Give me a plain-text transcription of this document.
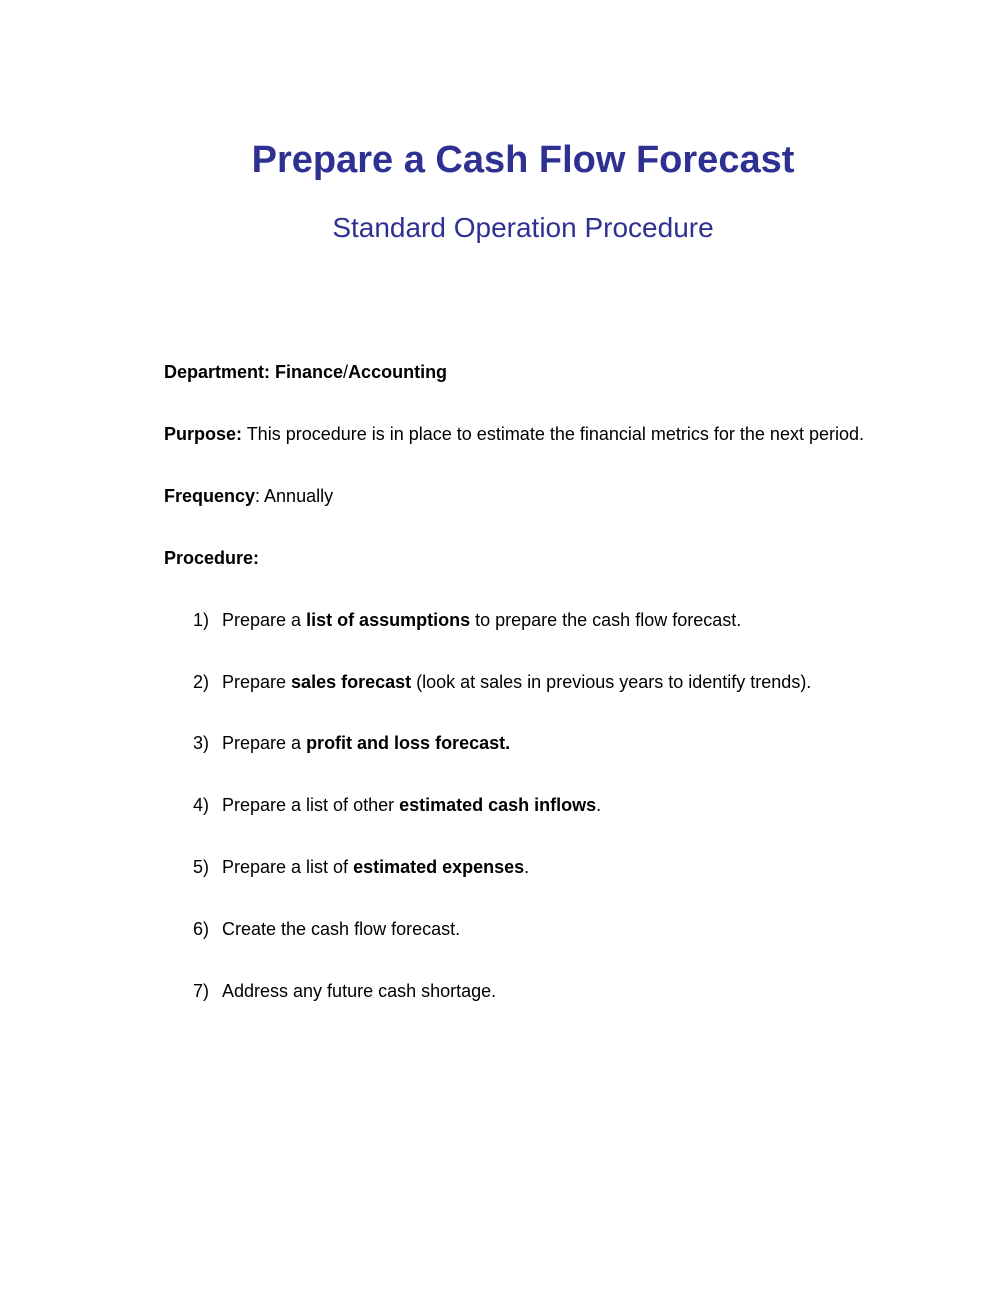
Prepare a Cash Flow Forecast
Standard Operation Procedure

Department: Finance/Accounting

Purpose: This procedure is in place to estimate the financial metrics for the next period.

Frequency: Annually

Procedure:

1) Prepare a list of assumptions to prepare the cash flow forecast.

2) Prepare sales forecast (look at sales in previous years to identify trends).

3) Prepare a profit and loss forecast.

4) Prepare a list of other estimated cash inflows.

5) Prepare a list of estimated expenses.

6) Create the cash flow forecast.

7) Address any future cash shortage.
